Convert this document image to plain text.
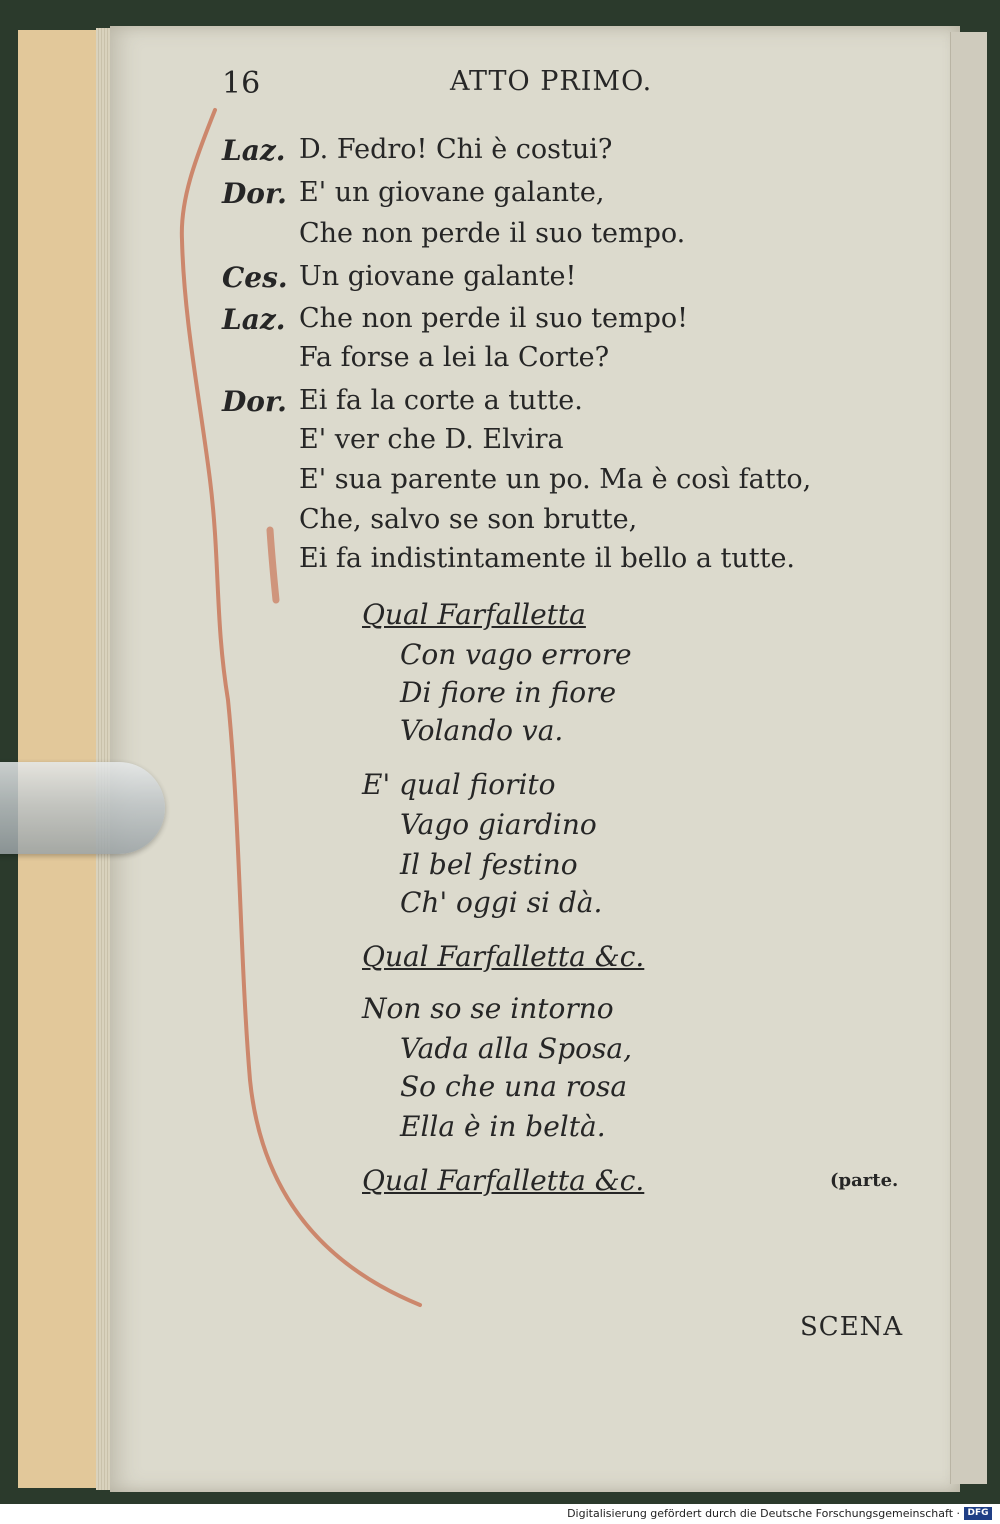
16	ATTO PRIMO.
Laz. D. Fedro! Chi è costui?
Dor. E' un giovane galante,
Che non perde il suo tempo.
Ces. Un giovane galante!
Laz. Che non perde il suo tempo!
Fa forse a lei la Corte?
Dor. Ei fa la corte a tutte.
E' ver che D. Elvira
E' sua parente un po. Ma è così fatto,
Che, salvo se son brutte,
Ei fa indistintamente il bello a tutte.
Qual Farfalletta
Con vago errore
Di fiore in fiore
Volando va.
E' qual fiorito
Vago giardino
Il bel festino
Ch' oggi si dà.
Qual Farfalletta &c.
Non so se intorno
Vada alla Sposa,
So che una rosa
Ella è in beltà.
Qual Farfalletta &c.	(parte.
SCENA
Digitalisierung gefördert durch die Deutsche Forschungsgemeinschaft · DFG
